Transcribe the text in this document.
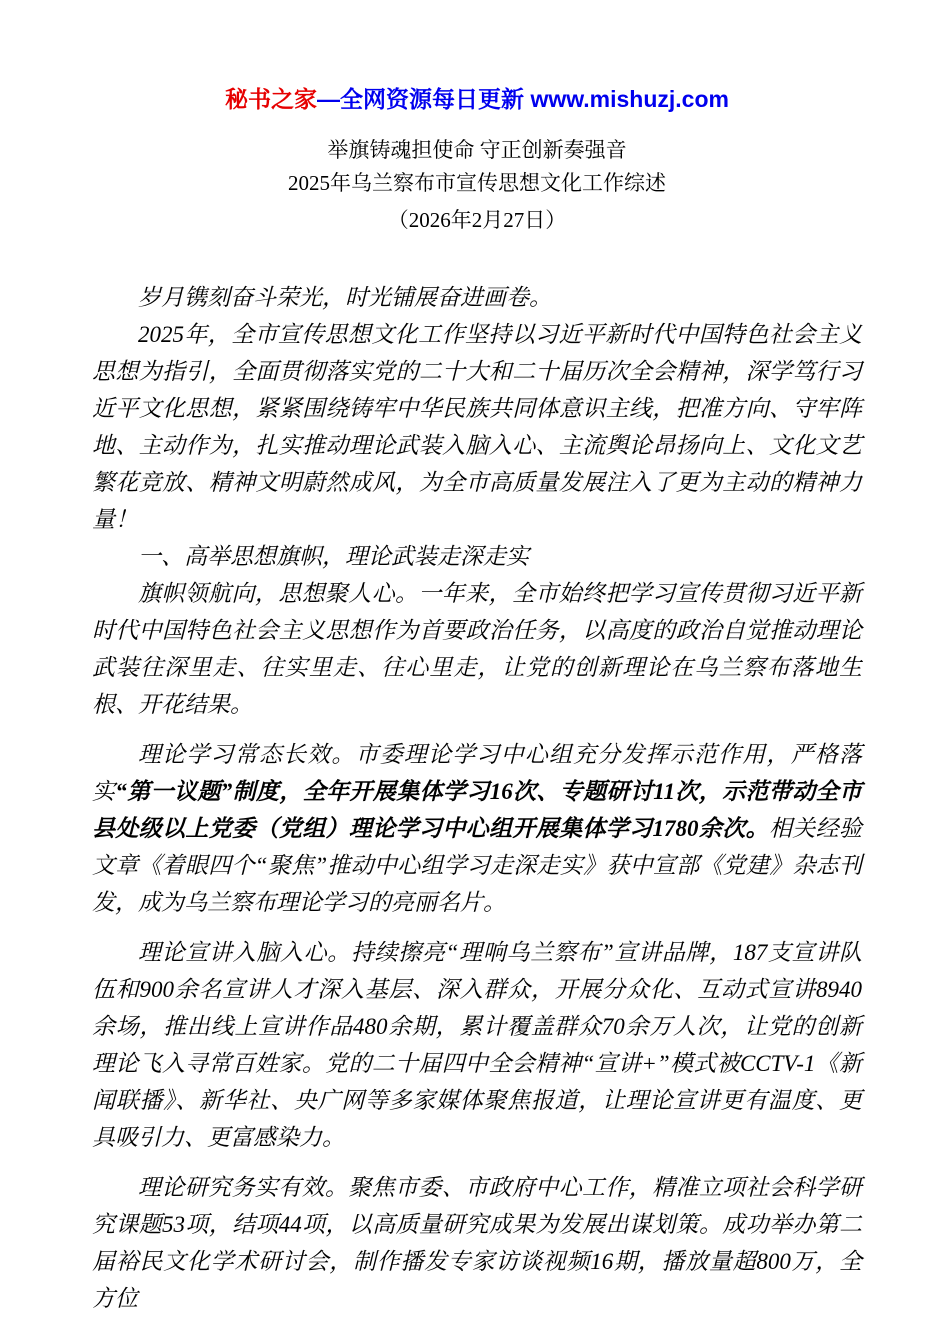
秘书之家—全网资源每日更新 www.mishuzj.com
举旗铸魂担使命 守正创新奏强音
2025年乌兰察布市宣传思想文化工作综述
（2026年2月27日）

岁月镌刻奋斗荣光，时光铺展奋进画卷。

2025年，全市宣传思想文化工作坚持以习近平新时代中国特色社会主义思想为指引，全面贯彻落实党的二十大和二十届历次全会精神，深学笃行习近平文化思想，紧紧围绕铸牢中华民族共同体意识主线，把准方向、守牢阵地、主动作为，扎实推动理论武装入脑入心、主流舆论昂扬向上、文化文艺繁花竞放、精神文明蔚然成风，为全市高质量发展注入了更为主动的精神力量！

一、高举思想旗帜，理论武装走深走实

旗帜领航向，思想聚人心。一年来，全市始终把学习宣传贯彻习近平新时代中国特色社会主义思想作为首要政治任务，以高度的政治自觉推动理论武装往深里走、往实里走、往心里走，让党的创新理论在乌兰察布落地生根、开花结果。

理论学习常态长效。市委理论学习中心组充分发挥示范作用，严格落实“第一议题”制度，全年开展集体学习16次、专题研讨11次，示范带动全市县处级以上党委（党组）理论学习中心组开展集体学习1780余次。相关经验文章《着眼四个“聚焦”推动中心组学习走深走实》获中宣部《党建》杂志刊发，成为乌兰察布理论学习的亮丽名片。

理论宣讲入脑入心。持续擦亮“理响乌兰察布”宣讲品牌，187支宣讲队伍和900余名宣讲人才深入基层、深入群众，开展分众化、互动式宣讲8940余场，推出线上宣讲作品480余期，累计覆盖群众70余万人次，让党的创新理论飞入寻常百姓家。党的二十届四中全会精神“宣讲+”模式被CCTV-1《新闻联播》、新华社、央广网等多家媒体聚焦报道，让理论宣讲更有温度、更具吸引力、更富感染力。

理论研究务实有效。聚焦市委、市政府中心工作，精准立项社会科学研究课题53项，结项44项，以高质量研究成果为发展出谋划策。成功举办第二届裕民文化学术研讨会，制作播发专家访谈视频16期，播放量超800万，全方位
